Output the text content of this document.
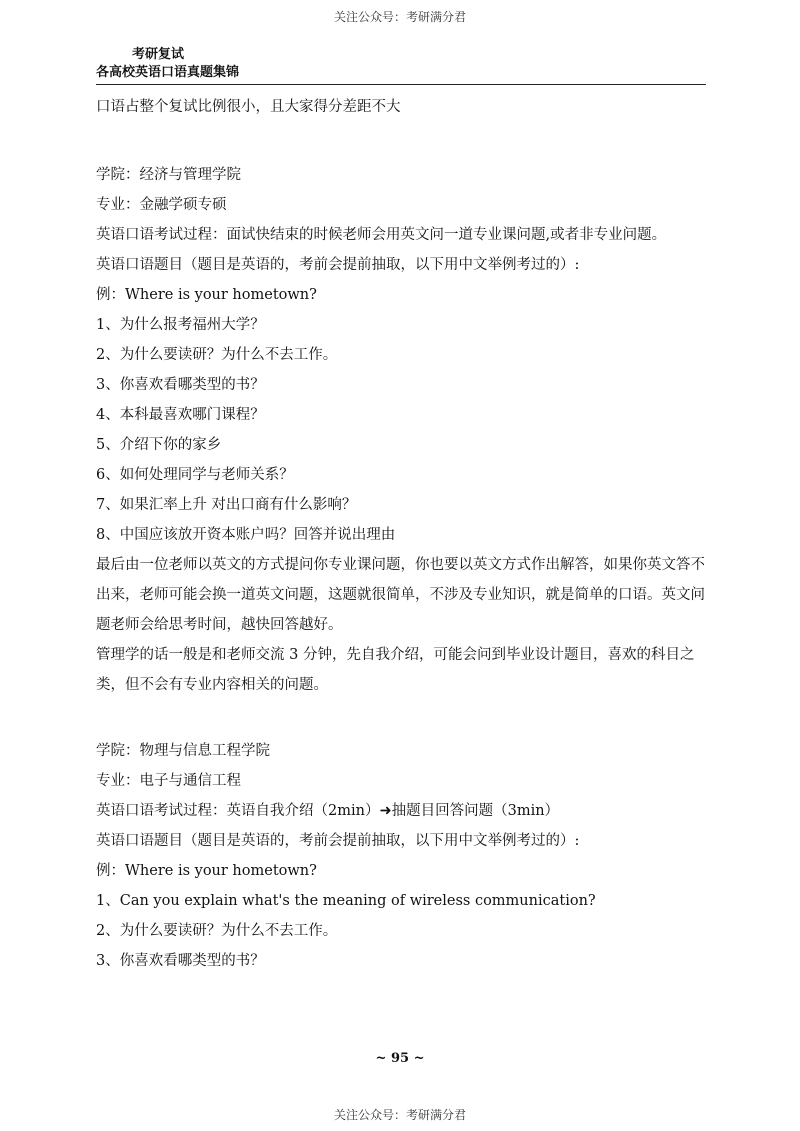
关注公众号：考研满分君
考研复试
各高校英语口语真题集锦

口语占整个复试比例很小，且大家得分差距不大

学院：经济与管理学院

专业：金融学硕专硕

英语口语考试过程：面试快结束的时候老师会用英文问一道专业课问题,或者非专业问题。

英语口语题目（题目是英语的，考前会提前抽取，以下用中文举例考过的）:

例：Where is your hometown?

1、为什么报考福州大学？

2、为什么要读研？为什么不去工作。

3、你喜欢看哪类型的书？

4、本科最喜欢哪门课程？

5、介绍下你的家乡

6、如何处理同学与老师关系？

7、如果汇率上升 对出口商有什么影响？

8、中国应该放开资本账户吗？回答并说出理由

最后由一位老师以英文的方式提问你专业课问题，你也要以英文方式作出解答，如果你英文答不出来，老师可能会换一道英文问题，这题就很简单，不涉及专业知识，就是简单的口语。英文问题老师会给思考时间，越快回答越好。

管理学的话一般是和老师交流 3 分钟，先自我介绍，可能会问到毕业设计题目，喜欢的科目之类，但不会有专业内容相关的问题。

学院：物理与信息工程学院

专业：电子与通信工程

英语口语考试过程：英语自我介绍（2min）➜抽题目回答问题（3min）

英语口语题目（题目是英语的，考前会提前抽取，以下用中文举例考过的）:

例：Where is your hometown?

1、Can you explain what's the meaning of wireless communication?

2、为什么要读研？为什么不去工作。

3、你喜欢看哪类型的书？

~ 95 ~
关注公众号：考研满分君
